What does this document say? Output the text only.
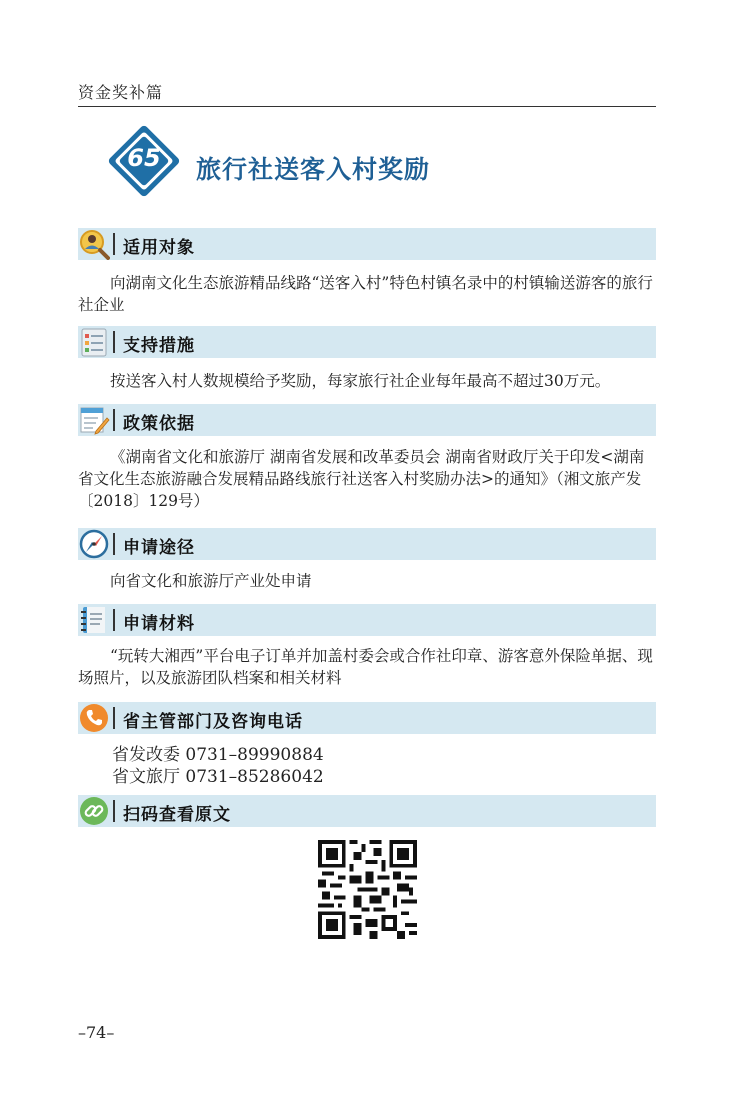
资金奖补篇
65	旅行社送客入村奖励
适用对象

向湖南文化生态旅游精品线路“送客入村”特色村镇名录中的村镇输送游客的旅行社企业

支持措施

按送客入村人数规模给予奖励，每家旅行社企业每年最高不超过30万元。

政策依据

《湖南省文化和旅游厅 湖南省发展和改革委员会 湖南省财政厅关于印发<湖南省文化生态旅游融合发展精品路线旅行社送客入村奖励办法>的通知》（湘文旅产发〔2018〕129号）

申请途径

向省文化和旅游厅产业处申请

申请材料

“玩转大湘西”平台电子订单并加盖村委会或合作社印章、游客意外保险单据、现场照片，以及旅游团队档案和相关材料

省主管部门及咨询电话
省发改委 0731–89990884
省文旅厅 0731–85286042
扫码查看原文
–74–
